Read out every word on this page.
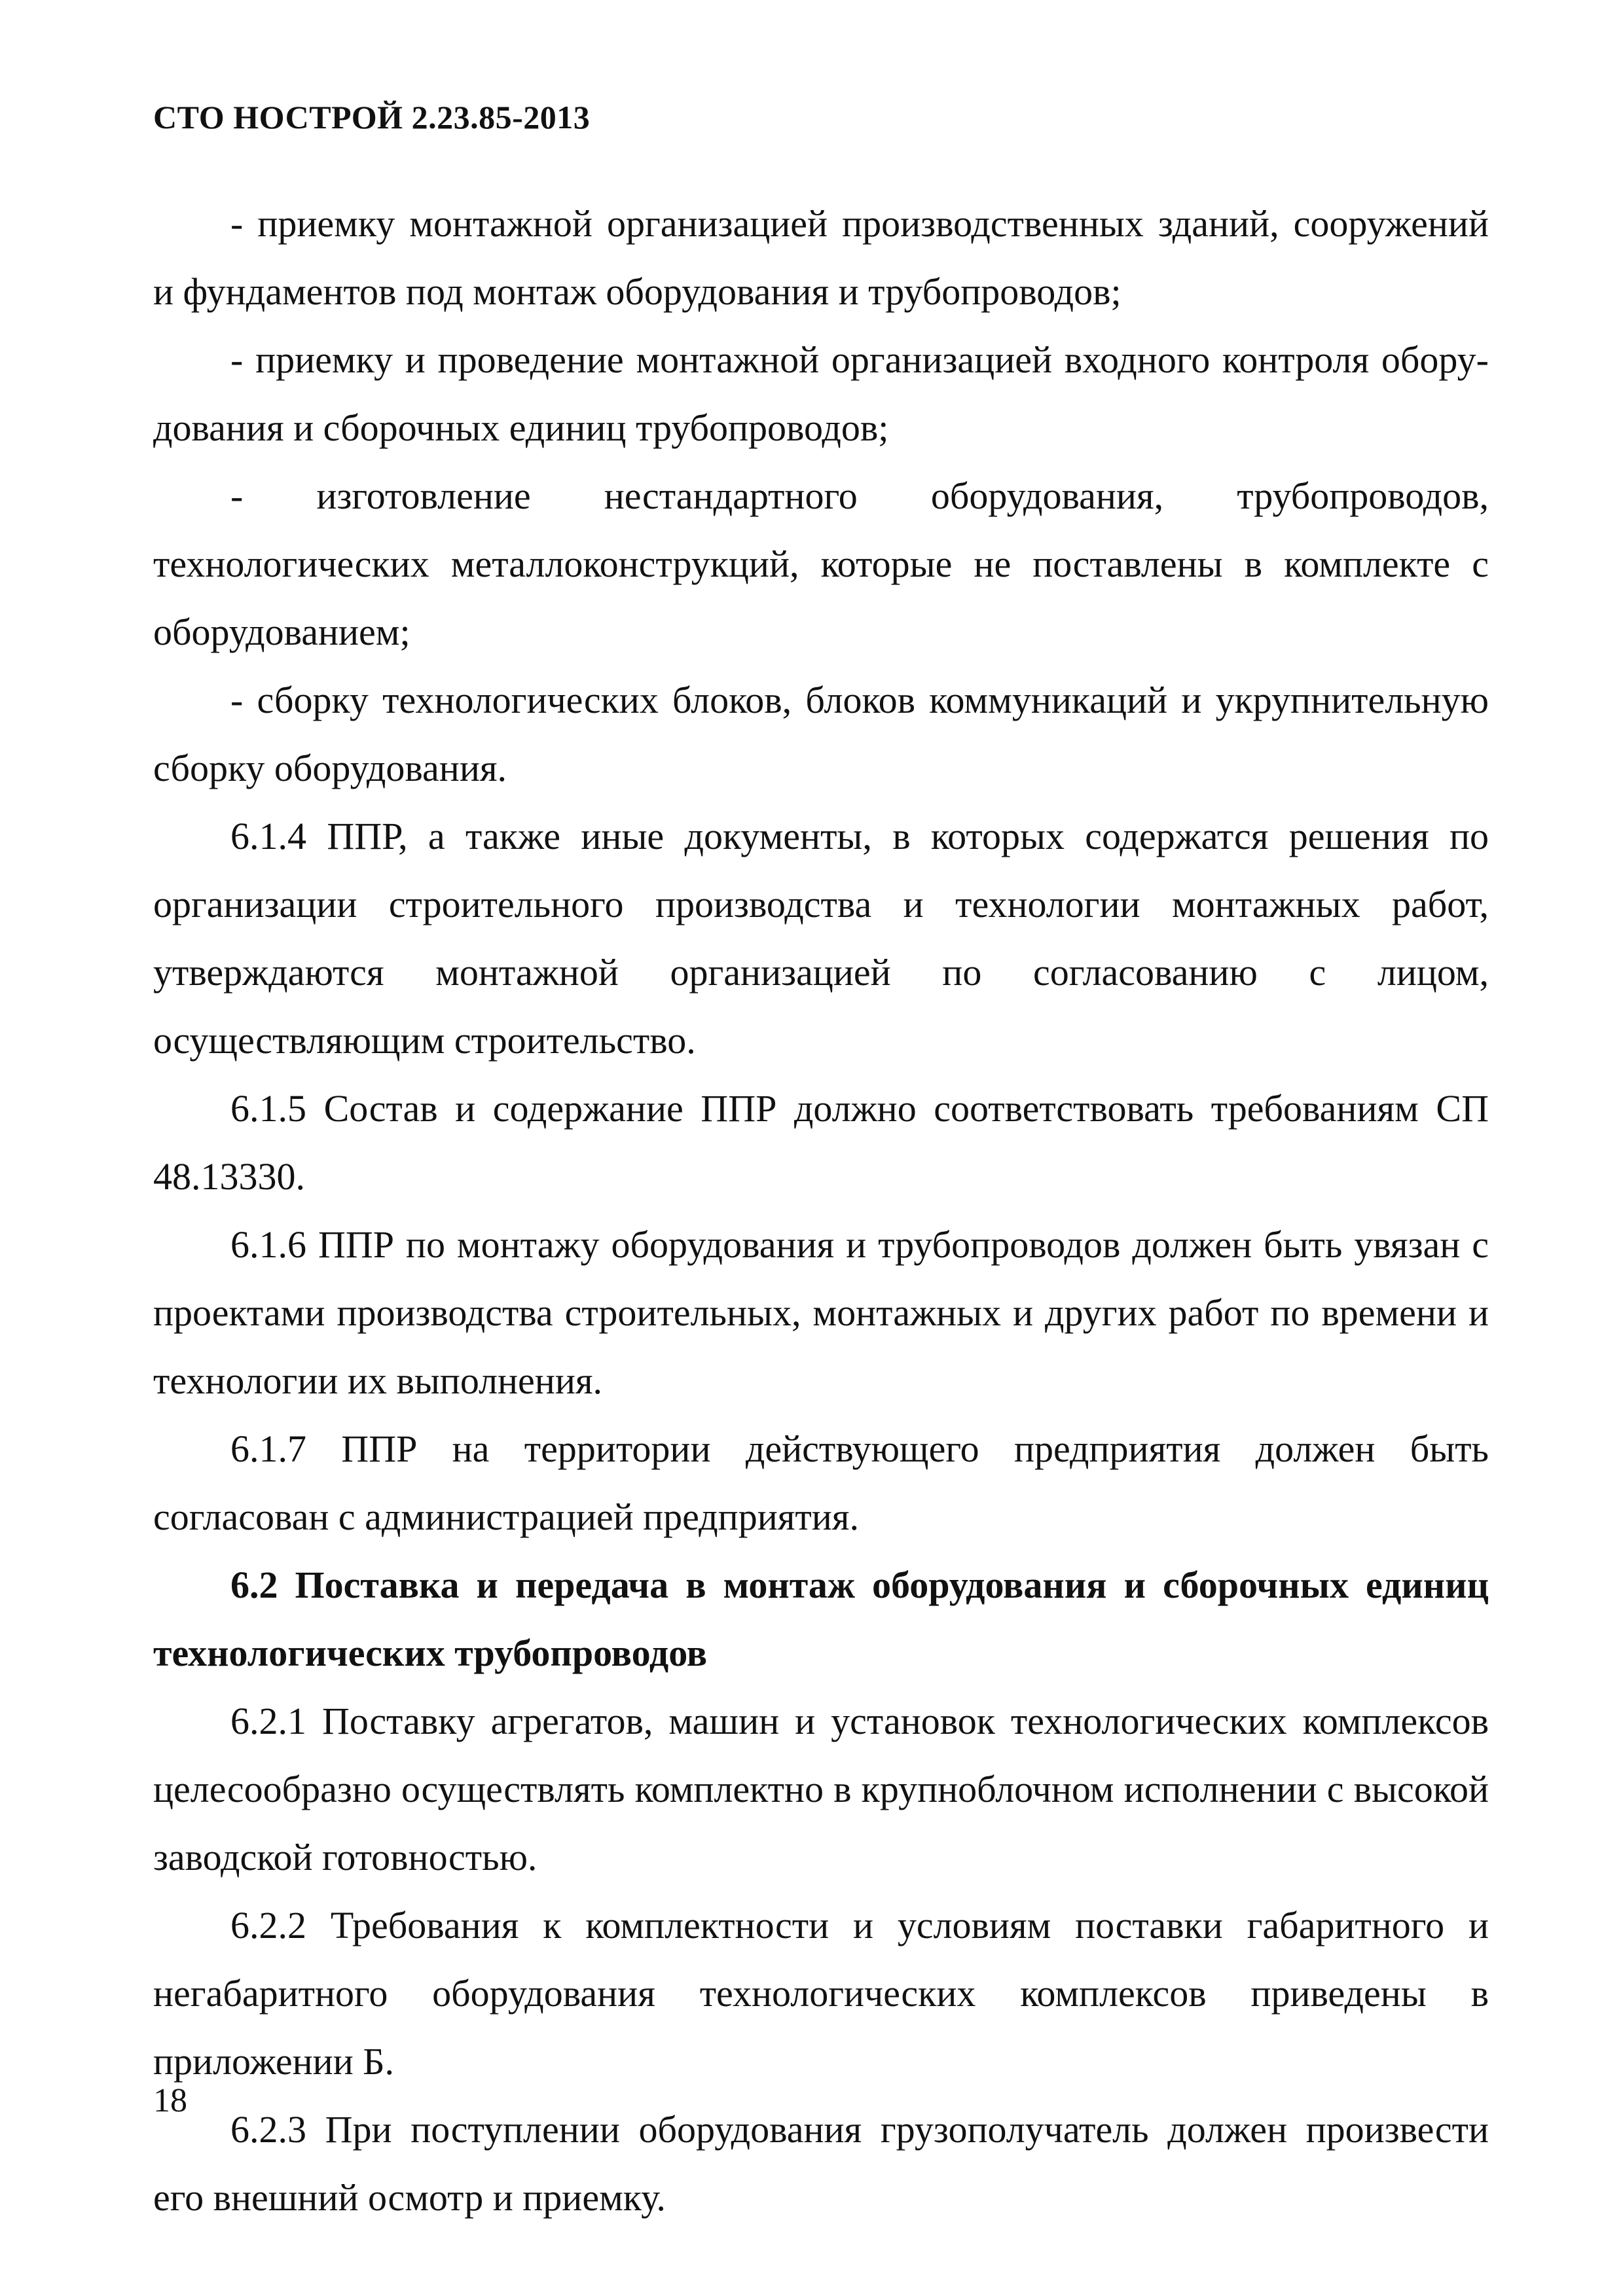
СТО НОСТРОЙ 2.23.85-2013

- приемку монтажной организацией производственных зданий, сооружений и фундаментов под монтаж оборудования и трубопроводов;

- приемку и проведение монтажной организацией входного контроля оборудования и сборочных единиц трубопроводов;

- изготовление нестандартного оборудования, трубопроводов, технологических металлоконструкций, которые не поставлены в комплекте с оборудованием;

- сборку технологических блоков, блоков коммуникаций и укрупнительную сборку оборудования.

6.1.4 ППР, а также иные документы, в которых содержатся решения по организации строительного производства и технологии монтажных работ, утверждаются монтажной организацией по согласованию с лицом, осуществляющим строительство.

6.1.5 Состав и содержание ППР должно соответствовать требованиям СП 48.13330.

6.1.6 ППР по монтажу оборудования и трубопроводов должен быть увязан с проектами производства строительных, монтажных и других работ по времени и технологии их выполнения.

6.1.7 ППР на территории действующего предприятия должен быть согласован с администрацией предприятия.

6.2 Поставка и передача в монтаж оборудования и сборочных единиц технологических трубопроводов

6.2.1 Поставку агрегатов, машин и установок технологических комплексов целесообразно осуществлять комплектно в крупноблочном исполнении с высокой заводской готовностью.

6.2.2 Требования к комплектности и условиям поставки габаритного и негабаритного оборудования технологических комплексов приведены в приложении Б.

6.2.3 При поступлении оборудования грузополучатель должен произвести его внешний осмотр и приемку.

18
